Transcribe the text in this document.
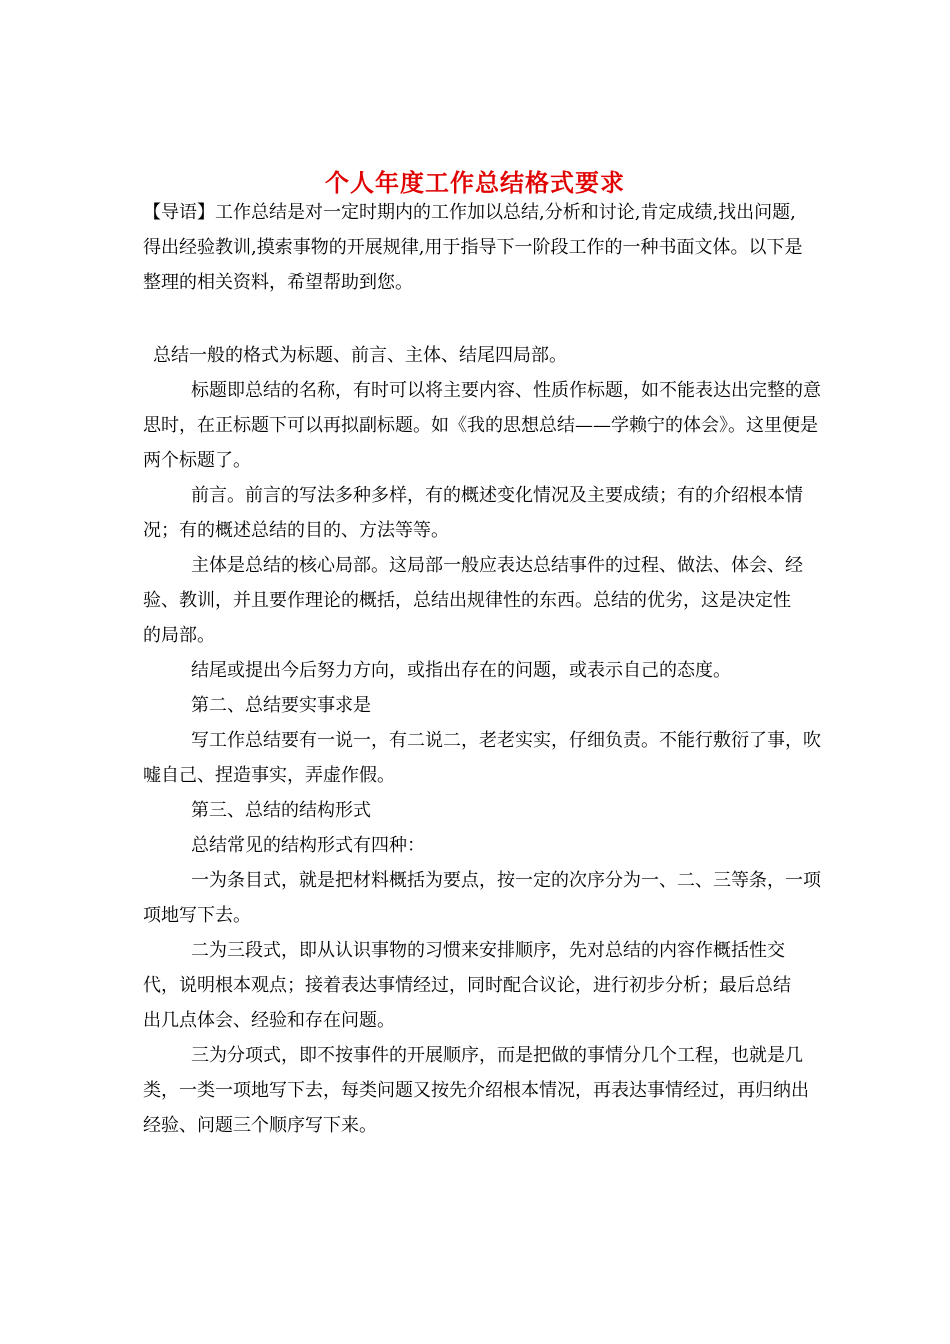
个人年度工作总结格式要求

【导语】工作总结是对一定时期内的工作加以总结,分析和讨论,肯定成绩,找出问题,得出经验教训,摸索事物的开展规律,用于指导下一阶段工作的一种书面文体。以下是整理的相关资料，希望帮助到您。

总结一般的格式为标题、前言、主体、结尾四局部。

标题即总结的名称，有时可以将主要内容、性质作标题，如不能表达出完整的意思时，在正标题下可以再拟副标题。如《我的思想总结——学赖宁的体会》。这里便是两个标题了。

前言。前言的写法多种多样，有的概述变化情况及主要成绩；有的介绍根本情况；有的概述总结的目的、方法等等。

主体是总结的核心局部。这局部一般应表达总结事件的过程、做法、体会、经验、教训，并且要作理论的概括，总结出规律性的东西。总结的优劣，这是决定性的局部。

结尾或提出今后努力方向，或指出存在的问题，或表示自己的态度。

第二、总结要实事求是

写工作总结要有一说一，有二说二，老老实实，仔细负责。不能行敷衍了事，吹嘘自己、捏造事实，弄虚作假。

第三、总结的结构形式

总结常见的结构形式有四种：

一为条目式，就是把材料概括为要点，按一定的次序分为一、二、三等条，一项项地写下去。

二为三段式，即从认识事物的习惯来安排顺序，先对总结的内容作概括性交代，说明根本观点；接着表达事情经过，同时配合议论，进行初步分析；最后总结出几点体会、经验和存在问题。

三为分项式，即不按事件的开展顺序，而是把做的事情分几个工程，也就是几类，一类一项地写下去，每类问题又按先介绍根本情况，再表达事情经过，再归纳出经验、问题三个顺序写下来。
